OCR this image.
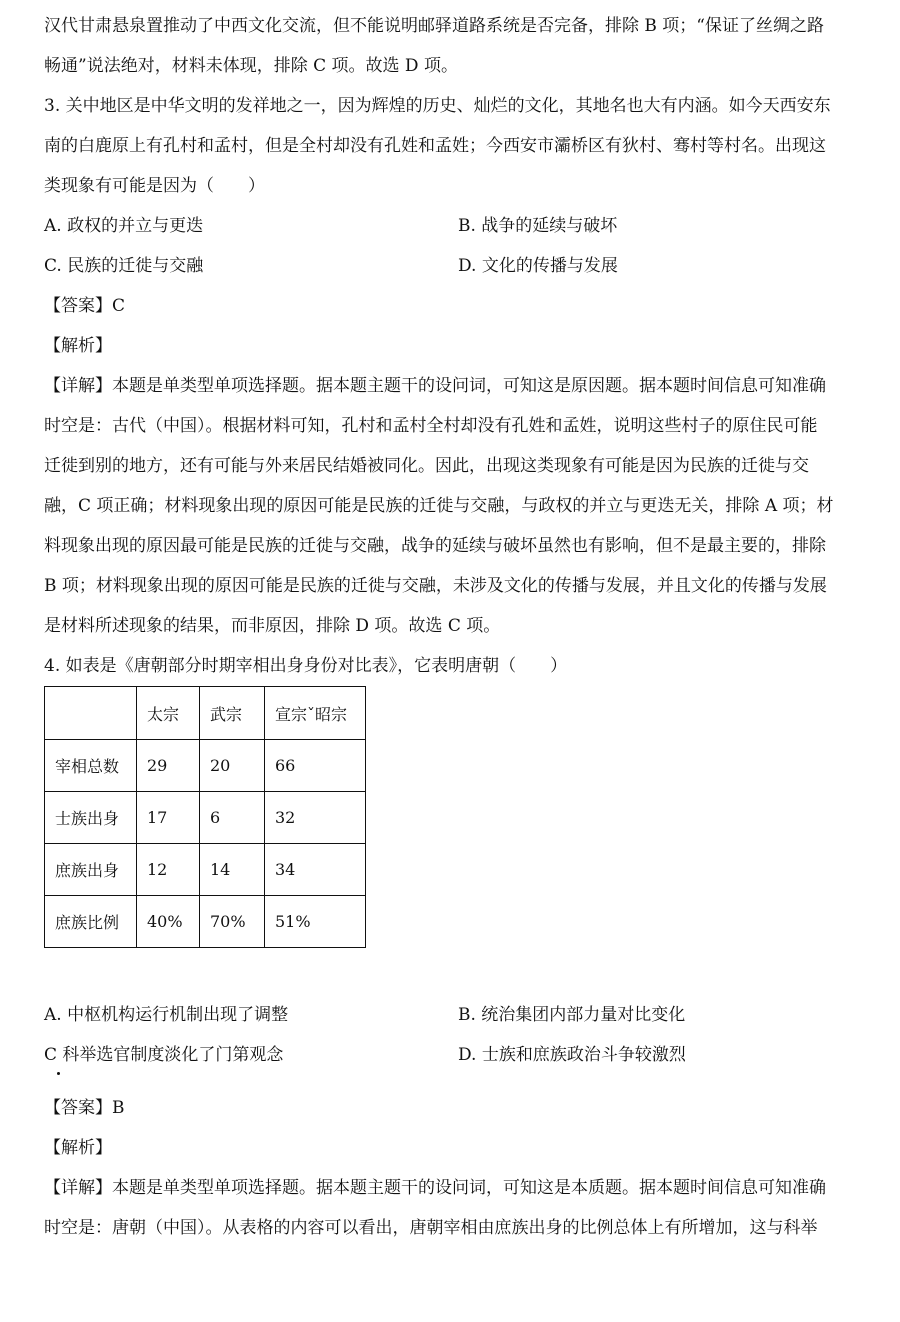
汉代甘肃悬泉置推动了中西文化交流，但不能说明邮驿道路系统是否完备，排除 B 项；“保证了丝绸之路
畅通”说法绝对，材料未体现，排除 C 项。故选 D 项。
3. 关中地区是中华文明的发祥地之一，因为辉煌的历史、灿烂的文化，其地名也大有内涵。如今天西安东
南的白鹿原上有孔村和孟村，但是全村却没有孔姓和孟姓；今西安市灞桥区有狄村、骞村等村名。出现这
类现象有可能是因为（　　）
A. 政权的并立与更迭	B. 战争的延续与破坏
C. 民族的迁徙与交融	D. 文化的传播与发展
【答案】C
【解析】
【详解】本题是单类型单项选择题。据本题主题干的设问词，可知这是原因题。据本题时间信息可知准确
时空是：古代（中国）。根据材料可知，孔村和孟村全村却没有孔姓和孟姓，说明这些村子的原住民可能
迁徙到别的地方，还有可能与外来居民结婚被同化。因此，出现这类现象有可能是因为民族的迁徙与交
融，C 项正确；材料现象出现的原因可能是民族的迁徙与交融，与政权的并立与更迭无关，排除 A 项；材
料现象出现的原因最可能是民族的迁徙与交融，战争的延续与破坏虽然也有影响，但不是最主要的，排除
B 项；材料现象出现的原因可能是民族的迁徙与交融，未涉及文化的传播与发展，并且文化的传播与发展
是材料所述现象的结果，而非原因，排除 D 项。故选 C 项。
4. 如表是《唐朝部分时期宰相出身身份对比表》，它表明唐朝（　　）
	太宗	武宗	宣宗ˇ昭宗
宰相总数	29	20	66
士族出身	17	6	32
庶族出身	12	14	34
庶族比例	40%	70%	51%
A. 中枢机构运行机制出现了调整	B. 统治集团内部力量对比变化
C 科举选官制度淡化了门第观念	D. 士族和庶族政治斗争较激烈
【答案】B
【解析】
【详解】本题是单类型单项选择题。据本题主题干的设问词，可知这是本质题。据本题时间信息可知准确
时空是：唐朝（中国）。从表格的内容可以看出，唐朝宰相由庶族出身的比例总体上有所增加，这与科举
